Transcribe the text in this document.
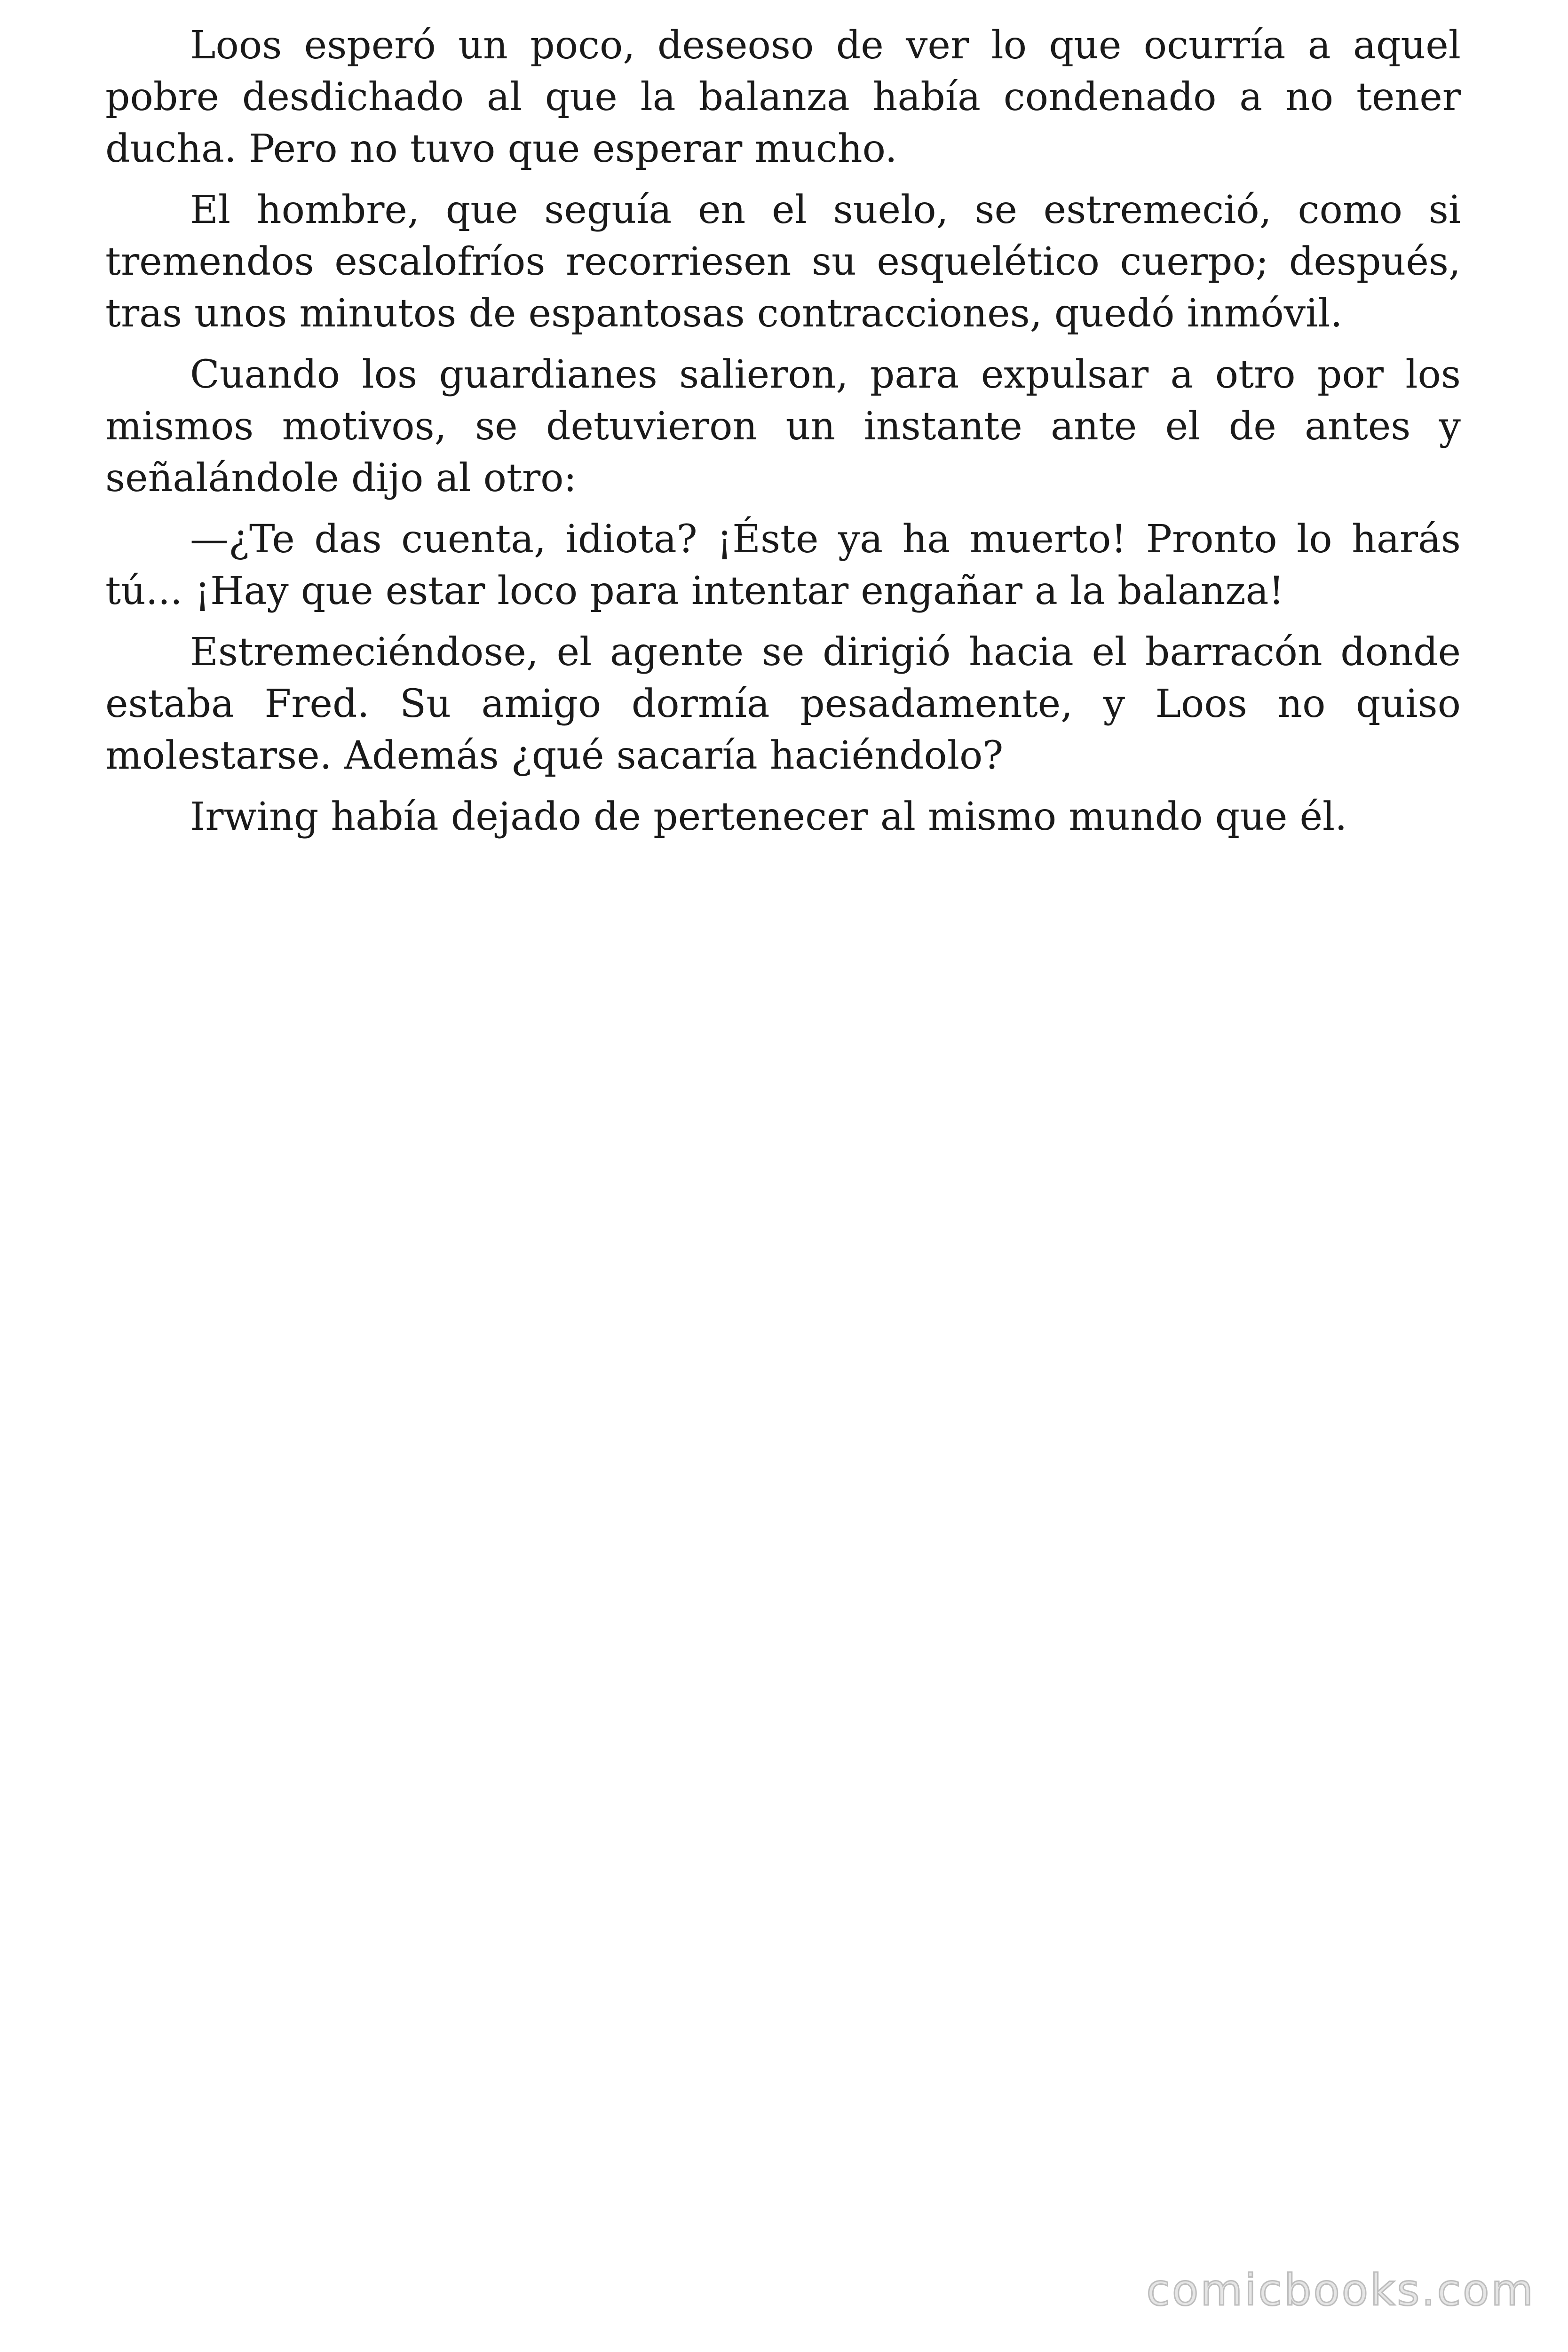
Loos esperó un poco, deseoso de ver lo que ocurría a aquel pobre desdichado al que la balanza había condenado a no tener ducha. Pero no tuvo que esperar mucho.

El hombre, que seguía en el suelo, se estremeció, como si tremendos escalofríos recorriesen su esquelético cuerpo; después, tras unos minutos de espantosas contracciones, quedó inmóvil.

Cuando los guardianes salieron, para expulsar a otro por los mismos motivos, se detuvieron un instante ante el de antes y señalándole dijo al otro:

—¿Te das cuenta, idiota? ¡Éste ya ha muerto! Pronto lo harás tú... ¡Hay que estar loco para intentar engañar a la balanza!

Estremeciéndose, el agente se dirigió hacia el barracón donde estaba Fred. Su amigo dormía pesadamente, y Loos no quiso molestarse. Además ¿qué sacaría haciéndolo?

Irwing había dejado de pertenecer al mismo mundo que él.

comicbooks.com
